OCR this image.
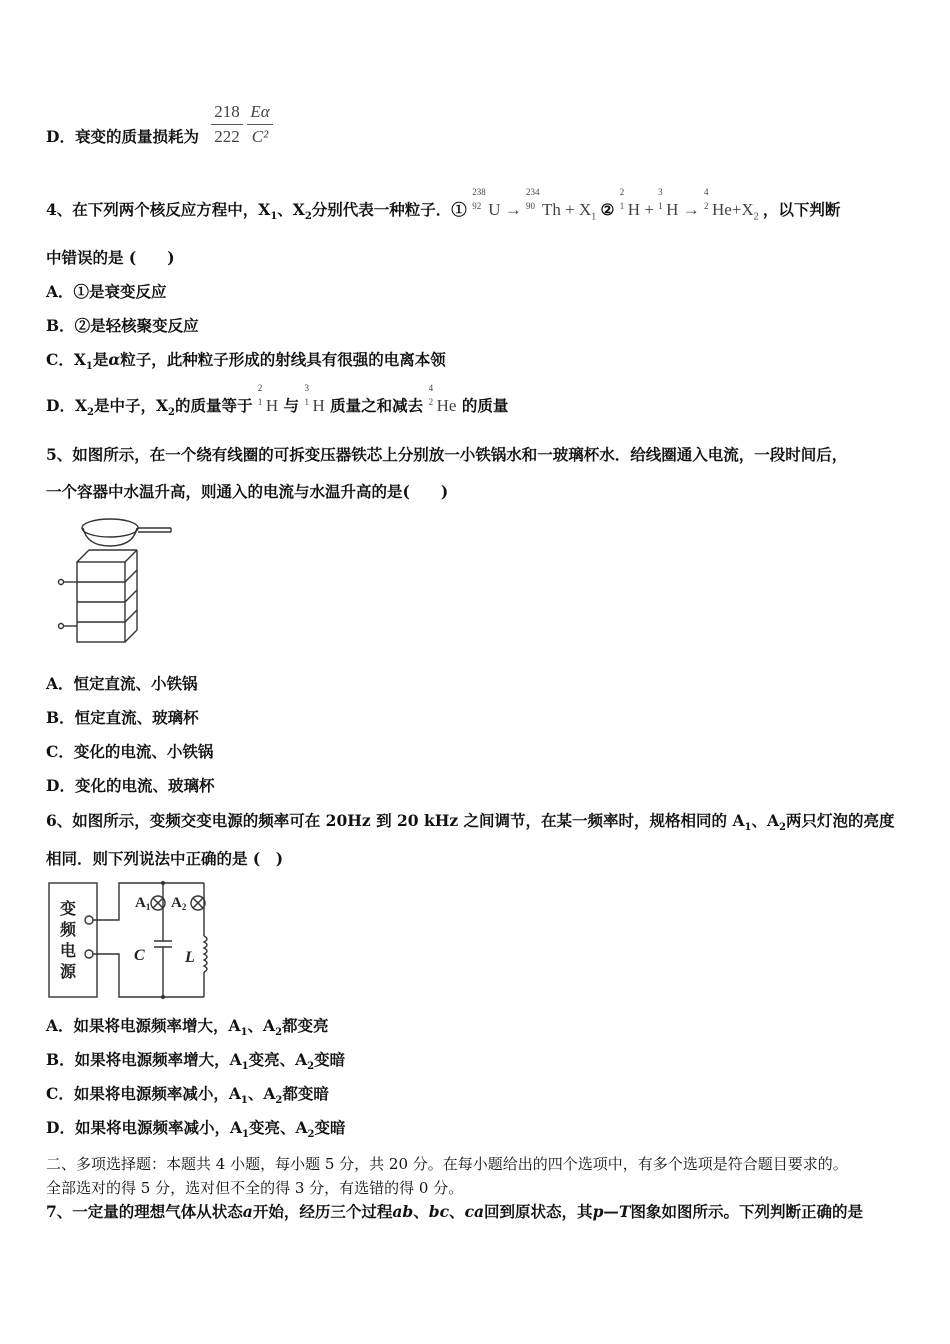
D．衰变的质量损耗为
218
222
Eα
C²
4、在下列两个核反应方程中，$X_1$、$X_2$分别代表一种粒子．①
238
92 U →
234
90 $Th + X_1$ ②
2
1 H +
3
1 H →
4
2 $He+X_2$ ，以下判断
中错误的是 (　　)
A．①是衰变反应
B．②是轻核聚变反应
C．$X_1$是α粒子，此种粒子形成的射线具有很强的电离本领
D．$X_2$是中子，$X_2$的质量等于
2
1 H 与
3
1 H 质量之和减去
4
2 He 的质量
5、如图所示，在一个绕有线圈的可拆变压器铁芯上分别放一小铁锅水和一玻璃杯水．给线圈通入电流，一段时间后，
一个容器中水温升高，则通入的电流与水温升高的是(　　)
A．恒定直流、小铁锅
B．恒定直流、玻璃杯
C．变化的电流、小铁锅
D．变化的电流、玻璃杯
6、如图所示，变频交变电源的频率可在 20Hz 到 20 kHz 之间调节，在某一频率时，规格相同的 $A_1$、$A_2$两只灯泡的亮度
相同．则下列说法中正确的是 (　)
变
频
电
源
$A_1$ $A_2$
C	L
A．如果将电源频率增大，$A_1$、$A_2$都变亮
B．如果将电源频率增大，$A_1$变亮、$A_2$变暗
C．如果将电源频率减小，$A_1$、$A_2$都变暗
D．如果将电源频率减小，$A_1$变亮、$A_2$变暗
二、多项选择题：本题共 4 小题，每小题 5 分，共 20 分。在每小题给出的四个选项中，有多个选项是符合题目要求的。
全部选对的得 5 分，选对但不全的得 3 分，有选错的得 0 分。
7、一定量的理想气体从状态a开始，经历三个过程ab、bc、ca回到原状态，其p—T图象如图所示。下列判断正确的是
